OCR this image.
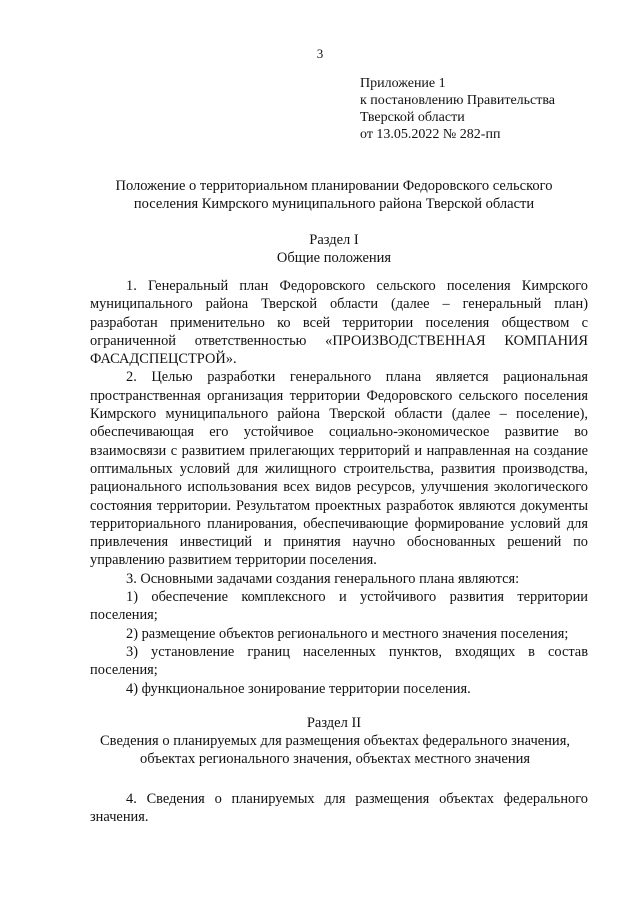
3
Приложение 1
к постановлению Правительства
Тверской области
от 13.05.2022 № 282-пп
Положение о территориальном планировании Федоровского сельского
поселения Кимрского муниципального района Тверской области
Раздел I
Общие положения

1. Генеральный план Федоровского сельского поселения Кимрского муниципального района Тверской области (далее – генеральный план) разработан применительно ко всей территории поселения обществом с ограниченной ответственностью «ПРОИЗВОДСТВЕННАЯ КОМПАНИЯ ФАСАДСПЕЦСТРОЙ».

2. Целью разработки генерального плана является рациональная пространственная организация территории Федоровского сельского поселения Кимрского муниципального района Тверской области (далее – поселение), обеспечивающая его устойчивое социально-экономическое развитие во взаимосвязи с развитием прилегающих территорий и направленная на создание оптимальных условий для жилищного строительства, развития производства, рационального использования всех видов ресурсов, улучшения экологического состояния территории. Результатом проектных разработок являются документы территориального планирования, обеспечивающие формирование условий для привлечения инвестиций и принятия научно обоснованных решений по управлению развитием территории поселения.

3. Основными задачами создания генерального плана являются:

1) обеспечение комплексного и устойчивого развития территории поселения;

2) размещение объектов регионального и местного значения поселения;

3) установление границ населенных пунктов, входящих в состав поселения;

4) функциональное зонирование территории поселения.

Раздел II
Сведения о планируемых для размещения объектах федерального значения,
объектах регионального значения, объектах местного значения

4. Сведения о планируемых для размещения объектах федерального значения.
